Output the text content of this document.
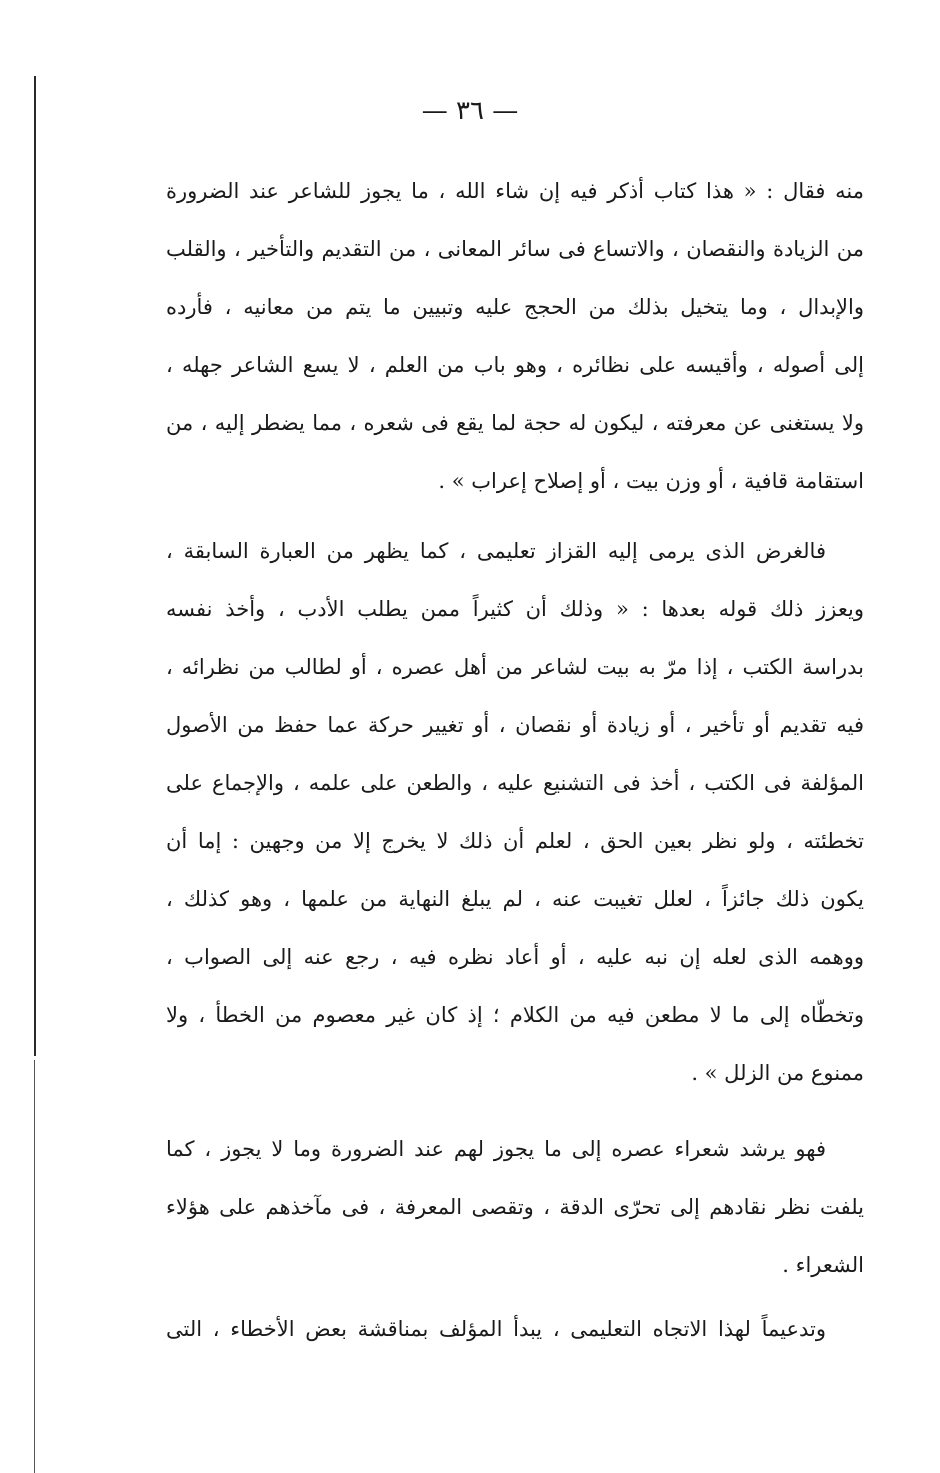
— ٣٦ —
منه فقال : « هذا كتاب أذكر فيه إن شاء الله ، ما يجوز للشاعر عند الضرورة
من الزيادة والنقصان ، والاتساع فى سائر المعانى ، من التقديم والتأخير ، والقلب
والإبدال ، وما يتخيل بذلك من الحجج عليه وتبيين ما يتم من معانيه ، فأرده
إلى أصوله ، وأقيسه على نظائره ، وهو باب من العلم ، لا يسع الشاعر جهله ،
ولا يستغنى عن معرفته ، ليكون له حجة لما يقع فى شعره ، مما يضطر إليه ، من
استقامة قافية ، أو وزن بيت ، أو إصلاح إعراب » .
فالغرض الذى يرمى إليه القزاز تعليمى ، كما يظهر من العبارة السابقة ،
ويعزز ذلك قوله بعدها : « وذلك أن كثيراً ممن يطلب الأدب ، وأخذ نفسه
بدراسة الكتب ، إذا مرّ به بيت لشاعر من أهل عصره ، أو لطالب من نظرائه ،
فيه تقديم أو تأخير ، أو زيادة أو نقصان ، أو تغيير حركة عما حفظ من الأصول
المؤلفة فى الكتب ، أخذ فى التشنيع عليه ، والطعن على علمه ، والإجماع على
تخطئته ، ولو نظر بعين الحق ، لعلم أن ذلك لا يخرج إلا من وجهين : إما أن
يكون ذلك جائزاً ، لعلل تغيبت عنه ، لم يبلغ النهاية من علمها ، وهو كذلك ،
ووهمه الذى لعله إن نبه عليه ، أو أعاد نظره فيه ، رجع عنه إلى الصواب ،
وتخطّاه إلى ما لا مطعن فيه من الكلام ؛ إذ كان غير معصوم من الخطأ ، ولا
ممنوع من الزلل » .
فهو يرشد شعراء عصره إلى ما يجوز لهم عند الضرورة وما لا يجوز ، كما
يلفت نظر نقادهم إلى تحرّى الدقة ، وتقصى المعرفة ، فى مآخذهم على هؤلاء
الشعراء .
وتدعيماً لهذا الاتجاه التعليمى ، يبدأ المؤلف بمناقشة بعض الأخطاء ، التى
